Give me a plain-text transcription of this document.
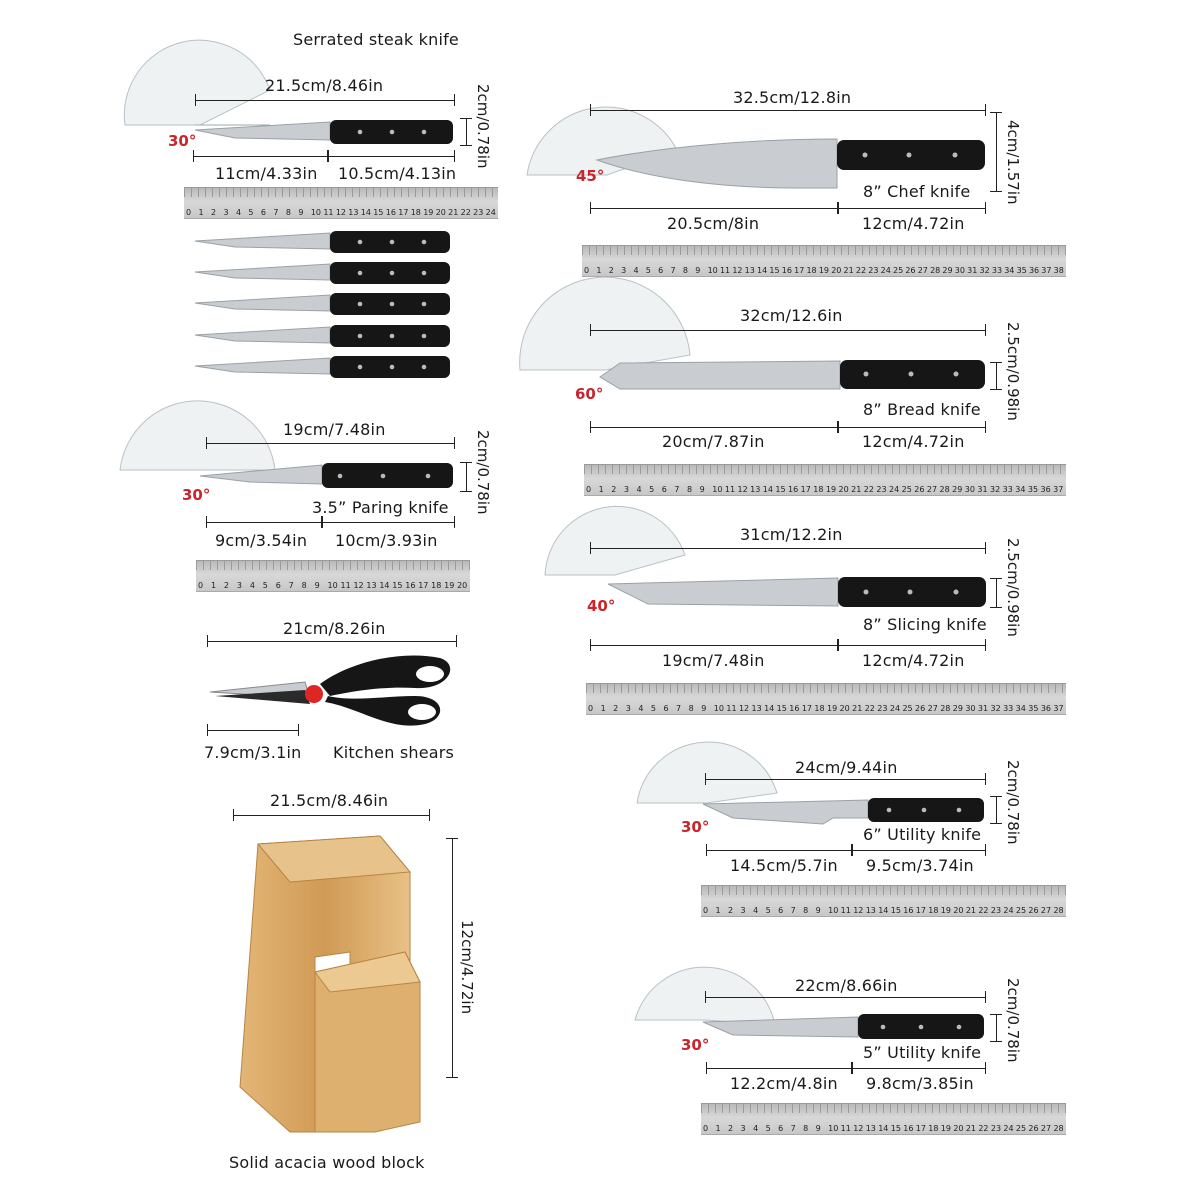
Serrated steak knife
21.5cm/8.46in
30°	2cm/0.78in
11cm/4.33in 10.5cm/4.13in
0 1 2 3 4 5 6 7 8 9 10 11 12 13 14 15 16 17 18 19 20 21 22 23 24
19cm/7.48in
30°
3.5” Paring knife 2cm/0.78in
9cm/3.54in 10cm/3.93in
0 1 2 3 4 5 6 7 8 9 10 11 12 13 14 15 16 17 18 19 20
21cm/8.26in
7.9cm/3.1in Kitchen shears
21.5cm/8.46in
12cm/4.72in
Solid acacia wood block
32.5cm/12.8in
45°
8” Chef knife 4cm/1.57in
20.5cm/8in	12cm/4.72in
0 1 2 3 4 5 6 7 8 9 10 11 12 13 14 15 16 17 18 19 20 21 22 23 24 25 26 27 28 29 30 31 32 33 34 35 36 37 38
32cm/12.6in
60°
8” Bread knife 2.5cm/0.98in
20cm/7.87in	12cm/4.72in
0 1 2 3 4 5 6 7 8 9 10 11 12 13 14 15 16 17 18 19 20 21 22 23 24 25 26 27 28 29 30 31 32 33 34 35 36 37
31cm/12.2in
40°
8” Slicing knife 2.5cm/0.98in
19cm/7.48in	12cm/4.72in
0 1 2 3 4 5 6 7 8 9 10 11 12 13 14 15 16 17 18 19 20 21 22 23 24 25 26 27 28 29 30 31 32 33 34 35 36 37
24cm/9.44in
30°	6” Utility knife 2cm/0.78in
14.5cm/5.7in 9.5cm/3.74in
0 1 2 3 4 5 6 7 8 9 10 11 12 13 14 15 16 17 18 19 20 21 22 23 24 25 26 27 28
22cm/8.66in
30°	5” Utility knife 2cm/0.78in
12.2cm/4.8in 9.8cm/3.85in
0 1 2 3 4 5 6 7 8 9 10 11 12 13 14 15 16 17 18 19 20 21 22 23 24 25 26 27 28
